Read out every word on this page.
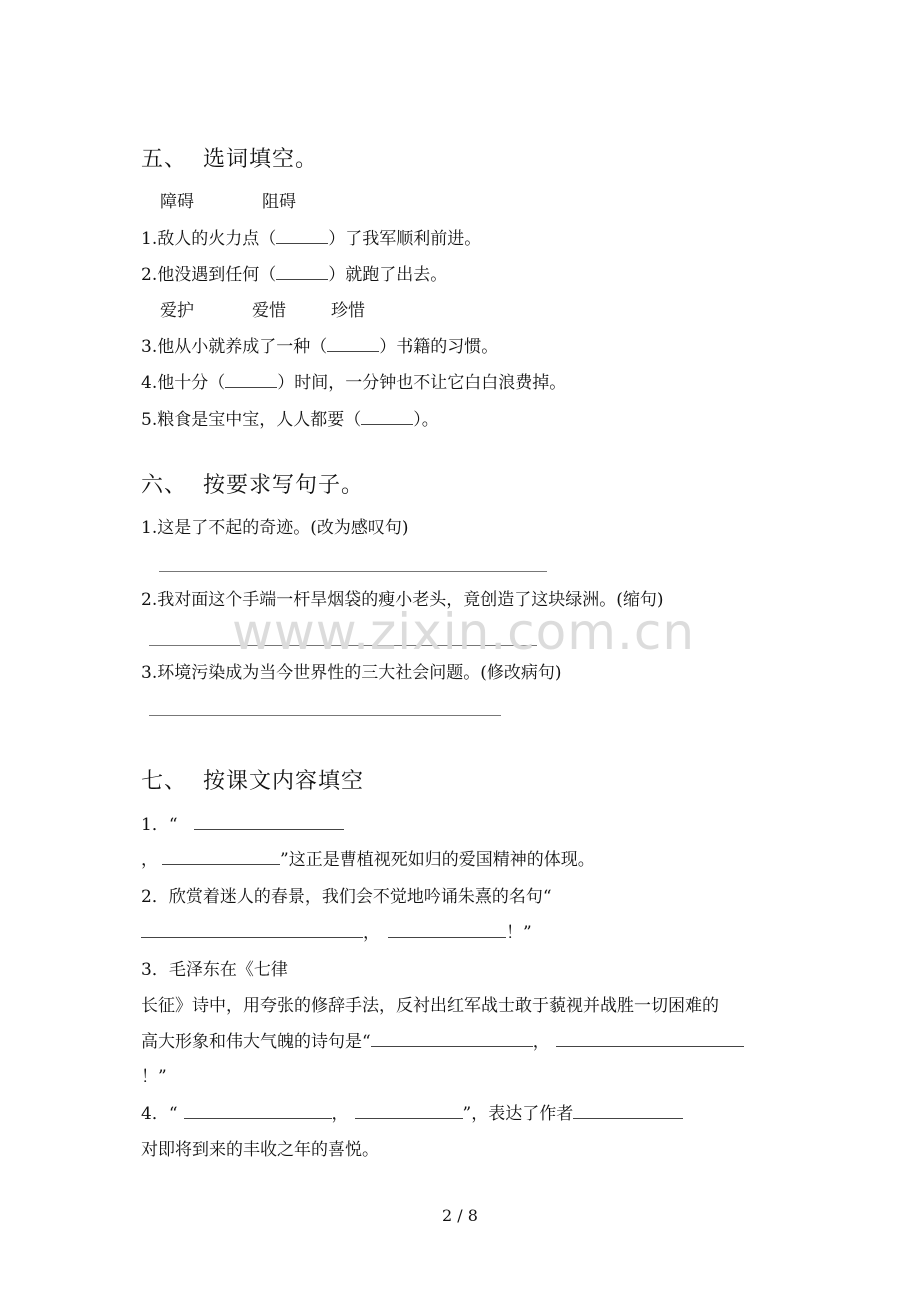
五、 选词填空。
障碍	阻碍
1.敌人的火力点（	）了我军顺利前进。
2.他没遇到任何（	）就跑了出去。
爱护	爱惜	珍惜
3.他从小就养成了一种（	）书籍的习惯。
4.他十分（	）时间，一分钟也不让它白白浪费掉。
5.粮食是宝中宝，人人都要（	）。
六、 按要求写句子。
1.这是了不起的奇迹。(改为感叹句)
2.我对面这个手端一杆旱烟袋的瘦小老头，竟创造了这块绿洲。(缩句)
3.环境污染成为当今世界性的三大社会问题。(修改病句)
七、 按课文内容填空
1．“
，	”这正是曹植视死如归的爱国精神的体现。
2．欣赏着迷人的春景，我们会不觉地吟诵朱熹的名句“
，	！”
3．毛泽东在《七律
长征》诗中，用夸张的修辞手法，反衬出红军战士敢于藐视并战胜一切困难的
高大形象和伟大气魄的诗句是“	，
！”
4．“	，	”，表达了作者
对即将到来的丰收之年的喜悦。
www.zixin.com.cn
2 / 8
